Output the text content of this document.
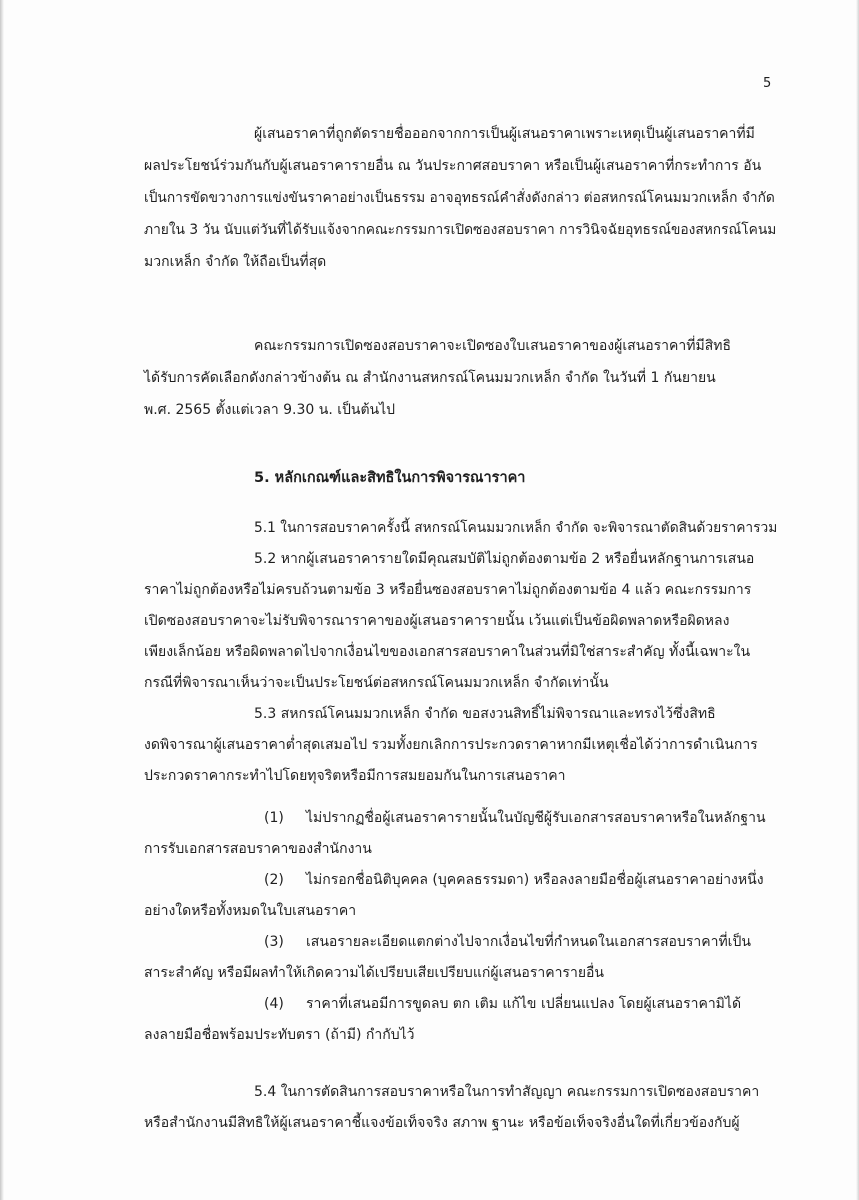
5
ผู้เสนอราคาที่ถูกตัดรายชื่อออกจากการเป็นผู้เสนอราคาเพราะเหตุเป็นผู้เสนอราคาที่มี
ผลประโยชน์ร่วมกันกับผู้เสนอราคารายอื่น ณ วันประกาศสอบราคา หรือเป็นผู้เสนอราคาที่กระทำการ อัน
เป็นการขัดขวางการแข่งขันราคาอย่างเป็นธรรม อาจอุทธรณ์คำสั่งดังกล่าว ต่อสหกรณ์โคนมมวกเหล็ก จำกัด
ภายใน 3 วัน นับแต่วันที่ได้รับแจ้งจากคณะกรรมการเปิดซองสอบราคา การวินิจฉัยอุทธรณ์ของสหกรณ์โคนม
มวกเหล็ก จำกัด ให้ถือเป็นที่สุด
คณะกรรมการเปิดซองสอบราคาจะเปิดซองใบเสนอราคาของผู้เสนอราคาที่มีสิทธิ
ได้รับการคัดเลือกดังกล่าวข้างต้น ณ สำนักงานสหกรณ์โคนมมวกเหล็ก จำกัด ในวันที่ 1 กันยายน
พ.ศ. 2565 ตั้งแต่เวลา 9.30 น. เป็นต้นไป
5. หลักเกณฑ์และสิทธิในการพิจารณาราคา
5.1 ในการสอบราคาครั้งนี้ สหกรณ์โคนมมวกเหล็ก จำกัด จะพิจารณาตัดสินด้วยราคารวม
5.2 หากผู้เสนอราคารายใดมีคุณสมบัติไม่ถูกต้องตามข้อ 2 หรือยื่นหลักฐานการเสนอ
ราคาไม่ถูกต้องหรือไม่ครบถ้วนตามข้อ 3 หรือยื่นซองสอบราคาไม่ถูกต้องตามข้อ 4 แล้ว คณะกรรมการ
เปิดซองสอบราคาจะไม่รับพิจารณาราคาของผู้เสนอราคารายนั้น เว้นแต่เป็นข้อผิดพลาดหรือผิดหลง
เพียงเล็กน้อย หรือผิดพลาดไปจากเงื่อนไขของเอกสารสอบราคาในส่วนที่มิใช่สาระสำคัญ ทั้งนี้เฉพาะใน
กรณีที่พิจารณาเห็นว่าจะเป็นประโยชน์ต่อสหกรณ์โคนมมวกเหล็ก จำกัดเท่านั้น
5.3 สหกรณ์โคนมมวกเหล็ก จำกัด ขอสงวนสิทธิ์ไม่พิจารณาและทรงไว้ซึ่งสิทธิ
งดพิจารณาผู้เสนอราคาต่ำสุดเสมอไป รวมทั้งยกเลิกการประกวดราคาหากมีเหตุเชื่อได้ว่าการดำเนินการ
ประกวดราคากระทำไปโดยทุจริตหรือมีการสมยอมกันในการเสนอราคา
(1) ไม่ปรากฏชื่อผู้เสนอราคารายนั้นในบัญชีผู้รับเอกสารสอบราคาหรือในหลักฐาน
การรับเอกสารสอบราคาของสำนักงาน
(2) ไม่กรอกชื่อนิติบุคคล (บุคคลธรรมดา) หรือลงลายมือชื่อผู้เสนอราคาอย่างหนึ่ง
อย่างใดหรือทั้งหมดในใบเสนอราคา
(3) เสนอรายละเอียดแตกต่างไปจากเงื่อนไขที่กำหนดในเอกสารสอบราคาที่เป็น
สาระสำคัญ หรือมีผลทำให้เกิดความได้เปรียบเสียเปรียบแก่ผู้เสนอราคารายอื่น
(4) ราคาที่เสนอมีการขูดลบ ตก เติม แก้ไข เปลี่ยนแปลง โดยผู้เสนอราคามิได้
ลงลายมือชื่อพร้อมประทับตรา (ถ้ามี) กำกับไว้
5.4 ในการตัดสินการสอบราคาหรือในการทำสัญญา คณะกรรมการเปิดซองสอบราคา
หรือสำนักงานมีสิทธิให้ผู้เสนอราคาชี้แจงข้อเท็จจริง สภาพ ฐานะ หรือข้อเท็จจริงอื่นใดที่เกี่ยวข้องกับผู้
